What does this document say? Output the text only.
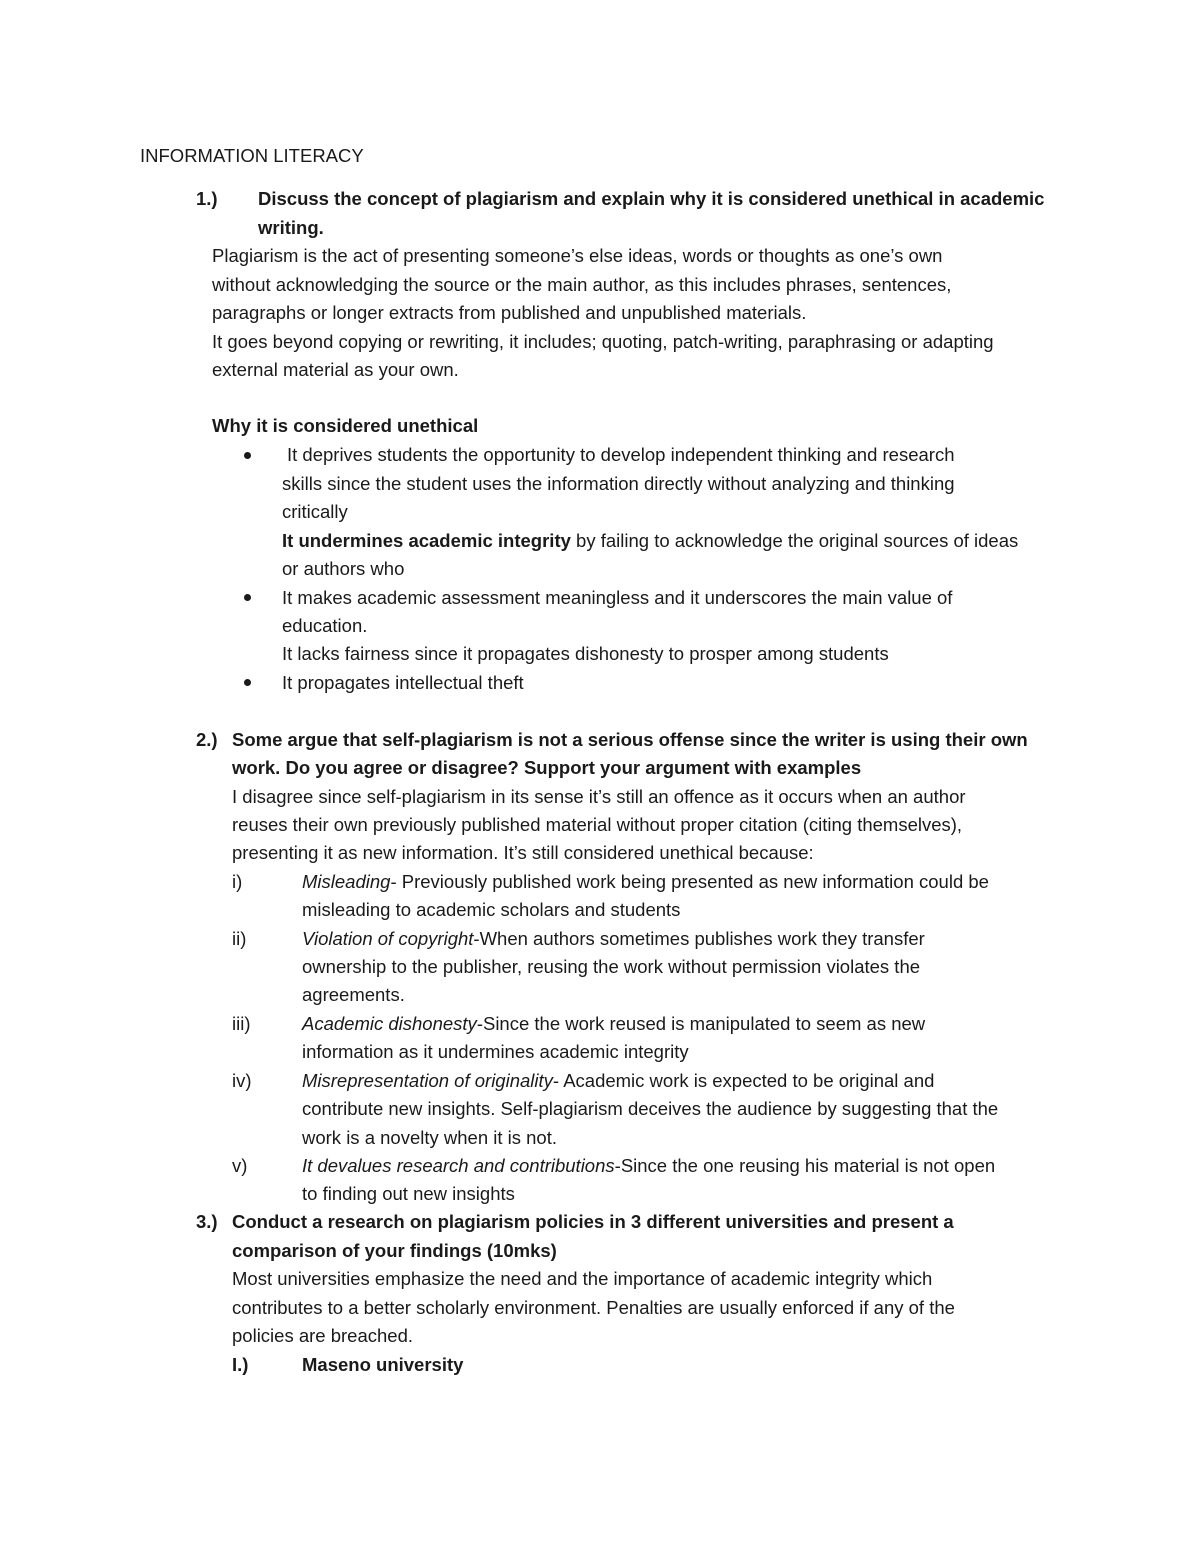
INFORMATION LITERACY
1.) Discuss the concept of plagiarism and explain why it is considered unethical in academic
writing.
Plagiarism is the act of presenting someone’s else ideas, words or thoughts as one’s own
without acknowledging the source or the main author, as this includes phrases, sentences,
paragraphs or longer extracts from published and unpublished materials.
It goes beyond copying or rewriting, it includes; quoting, patch-writing, paraphrasing or adapting
external material as your own.
Why it is considered unethical
It deprives students the opportunity to develop independent thinking and research
skills since the student uses the information directly without analyzing and thinking
critically
It undermines academic integrity by failing to acknowledge the original sources of ideas
or authors who
It makes academic assessment meaningless and it underscores the main value of
education.
It lacks fairness since it propagates dishonesty to prosper among students
It propagates intellectual theft
2.) Some argue that self-plagiarism is not a serious offense since the writer is using their own
work. Do you agree or disagree? Support your argument with examples
I disagree since self-plagiarism in its sense it’s still an offence as it occurs when an author
reuses their own previously published material without proper citation (citing themselves),
presenting it as new information. It’s still considered unethical because:
i)	Misleading- Previously published work being presented as new information could be
misleading to academic scholars and students
ii)	Violation of copyright-When authors sometimes publishes work they transfer
ownership to the publisher, reusing the work without permission violates the
agreements.
iii)	Academic dishonesty-Since the work reused is manipulated to seem as new
information as it undermines academic integrity
iv)	Misrepresentation of originality- Academic work is expected to be original and
contribute new insights. Self-plagiarism deceives the audience by suggesting that the
work is a novelty when it is not.
v)	It devalues research and contributions-Since the one reusing his material is not open
to finding out new insights
3.) Conduct a research on plagiarism policies in 3 different universities and present a
comparison of your findings (10mks)
Most universities emphasize the need and the importance of academic integrity which
contributes to a better scholarly environment. Penalties are usually enforced if any of the
policies are breached.
I.)	Maseno university
